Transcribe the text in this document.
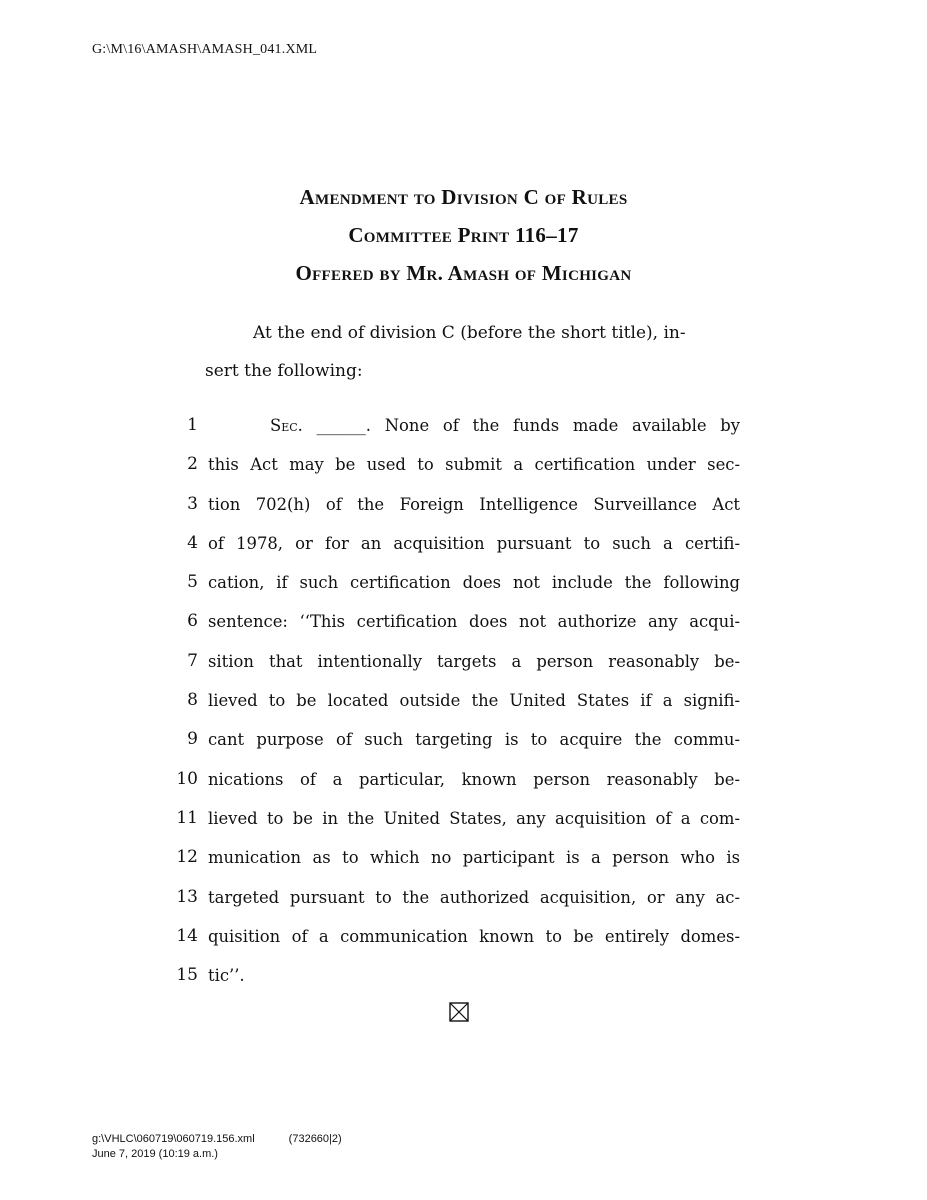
G:\M\16\AMASH\AMASH_041.XML
Amendment to Division C of Rules
Committee Print 116–17
Offered by Mr. Amash of Michigan
At the end of division C (before the short title), in-
sert the following:
1	Sec. ______. None of the funds made available by
2 this Act may be used to submit a certification under sec-
3 tion 702(h) of the Foreign Intelligence Surveillance Act
4 of 1978, or for an acquisition pursuant to such a certifi-
5 cation, if such certification does not include the following
6 sentence: ‘‘This certification does not authorize any acqui-
7 sition that intentionally targets a person reasonably be-
8 lieved to be located outside the United States if a signifi-
9 cant purpose of such targeting is to acquire the commu-
10 nications of a particular, known person reasonably be-
11 lieved to be in the United States, any acquisition of a com-
12 munication as to which no participant is a person who is
13 targeted pursuant to the authorized acquisition, or any ac-
14 quisition of a communication known to be entirely domes-
15 tic’’.
g:\VHLC\060719\060719.156.xml	(732660|2)
June 7, 2019 (10:19 a.m.)
